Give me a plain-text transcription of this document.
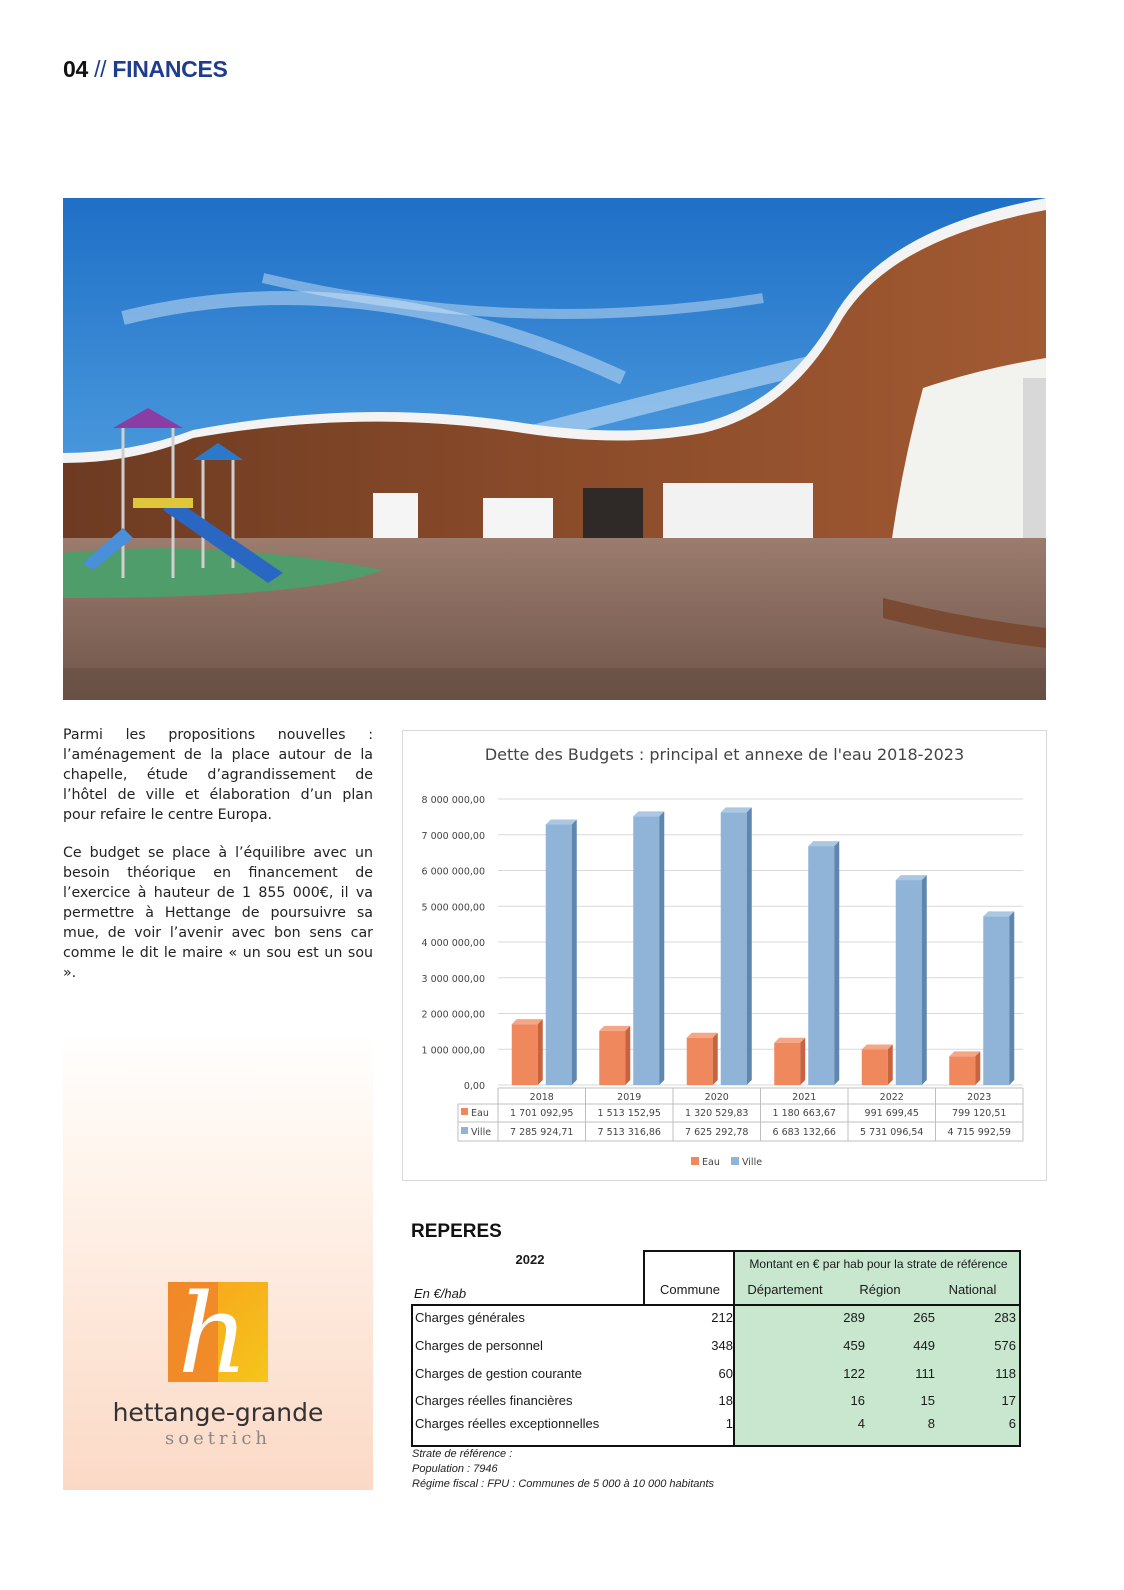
04 // FINANCES

Parmi les propositions nouvelles : l’aménagement de la place autour de la chapelle, étude d’agrandissement de l’hôtel de ville et élaboration d’un plan pour refaire le centre Europa.

Ce budget se place à l’équilibre avec un besoin théorique en financement de l’exercice à hauteur de 1 855 000€, il va permettre à Hettange de poursuivre sa mue, de voir l’avenir avec bon sens car comme le dit le maire « un sou est un sou ».

h
hettange-grande
soetrich
Dette des Budgets : principal et annexe de l'eau 2018-2023
0,00
1 000 000,00
2 000 000,00
3 000 000,00
4 000 000,00
5 000 000,00
6 000 000,00
7 000 000,00
8 000 000,00
2018
1 701 092,95
7 285 924,71
2019
1 513 152,95
7 513 316,86
2020
1 320 529,83
7 625 292,78
2021
1 180 663,67
6 683 132,66
2022
991 699,45
5 731 096,54
2023
799 120,51
4 715 992,59
Eau
Ville
Eau Ville
REPERES
2022
En €/hab
Montant en € par hab pour la strate de référence
Commune	Département	Région	National
Charges générales	212	289	265	283
Charges de personnel	348	459	449	576
Charges de gestion courante	60	122	111	118
Charges réelles financières	18	16	15	17
Charges réelles exceptionnelles	1	4	8	6
Strate de référence :
Population : 7946
Régime fiscal : FPU : Communes de 5 000 à 10 000 habitants
